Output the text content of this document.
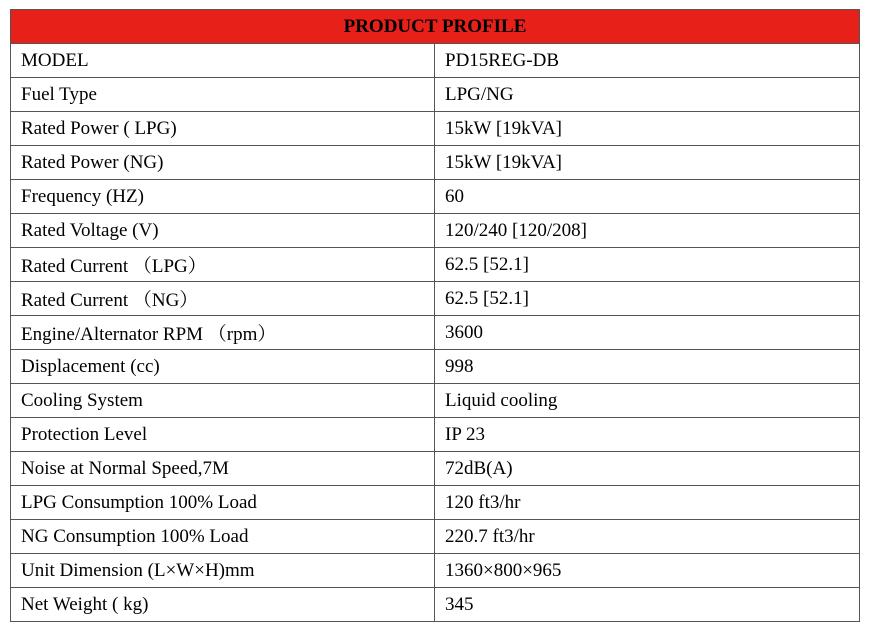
PRODUCT PROFILE	
MODEL	PD15REG-DB
Fuel Type	LPG/NG
Rated Power ( LPG)	15kW [19kVA]
Rated Power (NG)	15kW [19kVA]
Frequency (HZ)	60
Rated Voltage (V)	120/240 [120/208]
Rated Current （LPG）	62.5 [52.1]
Rated Current （NG）	62.5 [52.1]
Engine/Alternator RPM （rpm）	3600
Displacement (cc)	998
Cooling System	Liquid cooling
Protection Level	IP 23
Noise at Normal Speed,7M	72dB(A)
LPG Consumption 100% Load	120 ft3/hr
NG Consumption 100% Load	220.7 ft3/hr
Unit Dimension (L×W×H)mm	1360×800×965
Net Weight ( kg)	345
